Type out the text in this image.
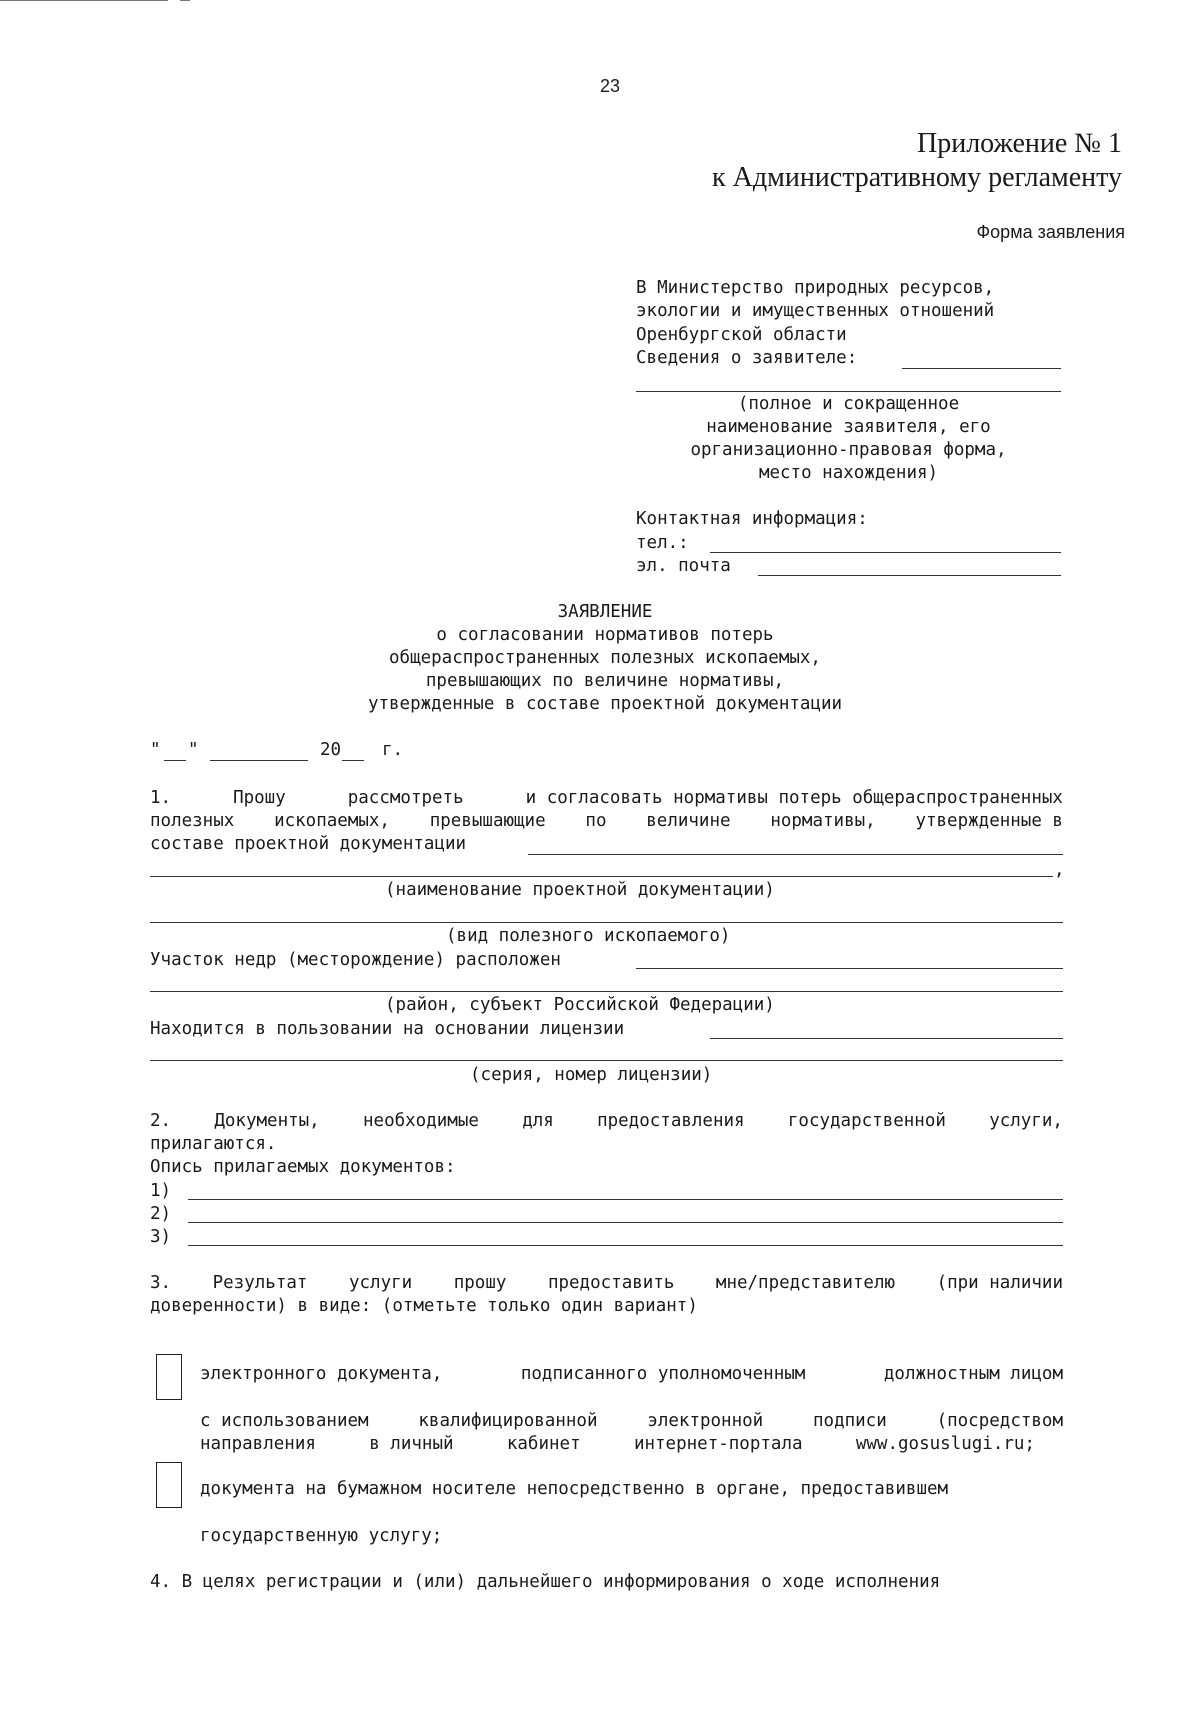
23
Приложение № 1
к Административному регламенту
Форма заявления
В Министерство природных ресурсов,
экологии и имущественных отношений
Оренбургской области
Сведения о заявителе:
(полное и сокращенное
наименование заявителя, его
организационно-правовая форма,
место нахождения)
Контактная информация:
тел.:
эл. почта
ЗАЯВЛЕНИЕ
о согласовании нормативов потерь
общераспространенных полезных ископаемых,
превышающих по величине нормативы,
утвержденные в составе проектной документации
" "	20 г.
1.	Прошу	рассмотреть	и согласовать нормативы потерь общераспространенных
полезных ископаемых, превышающие по величине нормативы, утвержденные в
составе проектной документации
,
(наименование проектной документации)
(вид полезного ископаемого)
Участок недр (месторождение) расположен
(район, субъект Российской Федерации)
Находится в пользовании на основании лицензии
(серия, номер лицензии)
2. Документы, необходимые для предоставления государственной услуги,
прилагаются.
Опись прилагаемых документов:
1)
2)
3)
3. Результат услуги прошу предоставить мне/представителю (при наличии
доверенности) в виде: (отметьте только один вариант)
электронного документа,	подписанного уполномоченным	должностным лицом
с использованием	квалифицированной	электронной	подписи	(посредством
направления	в личный	кабинет	интернет-портала	www.gosuslugi.ru;
документа на бумажном носителе непосредственно в органе, предоставившем
государственную услугу;
4. В целях регистрации и (или) дальнейшего информирования о ходе исполнения
